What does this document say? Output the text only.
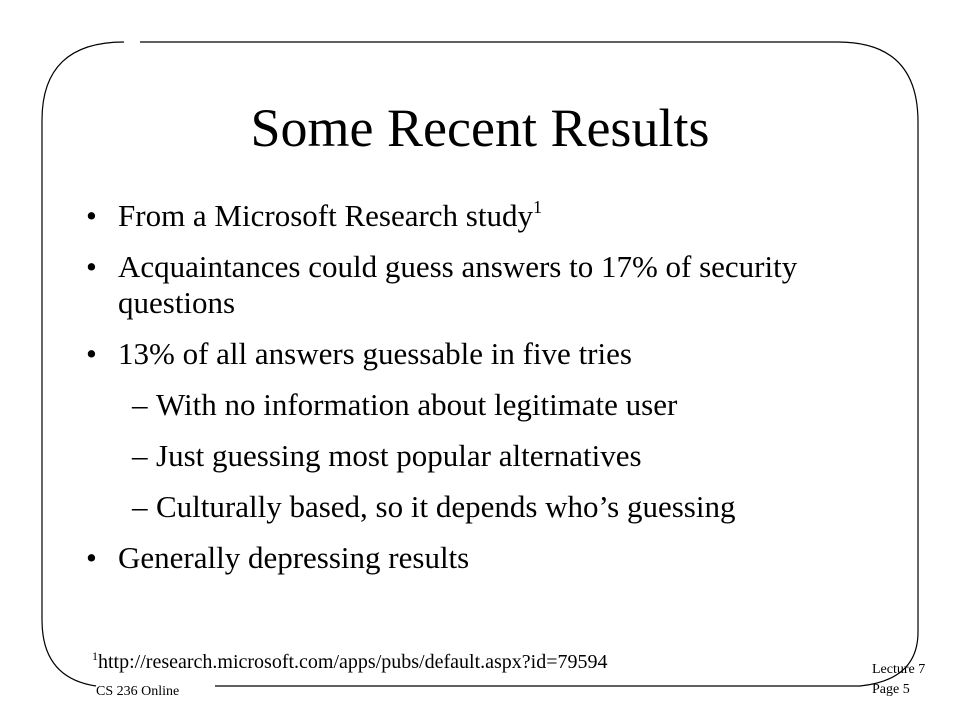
Some Recent Results
• From a Microsoft Research study$^1$
• Acquaintances could guess answers to 17% of security questions
• 13% of all answers guessable in five tries
– With no information about legitimate user
– Just guessing most popular alternatives
– Culturally based, so it depends who’s guessing
• Generally depressing results
$^1$http://research.microsoft.com/apps/pubs/default.aspx?id=79594
CS 236 Online
Lecture 7
Page 5
